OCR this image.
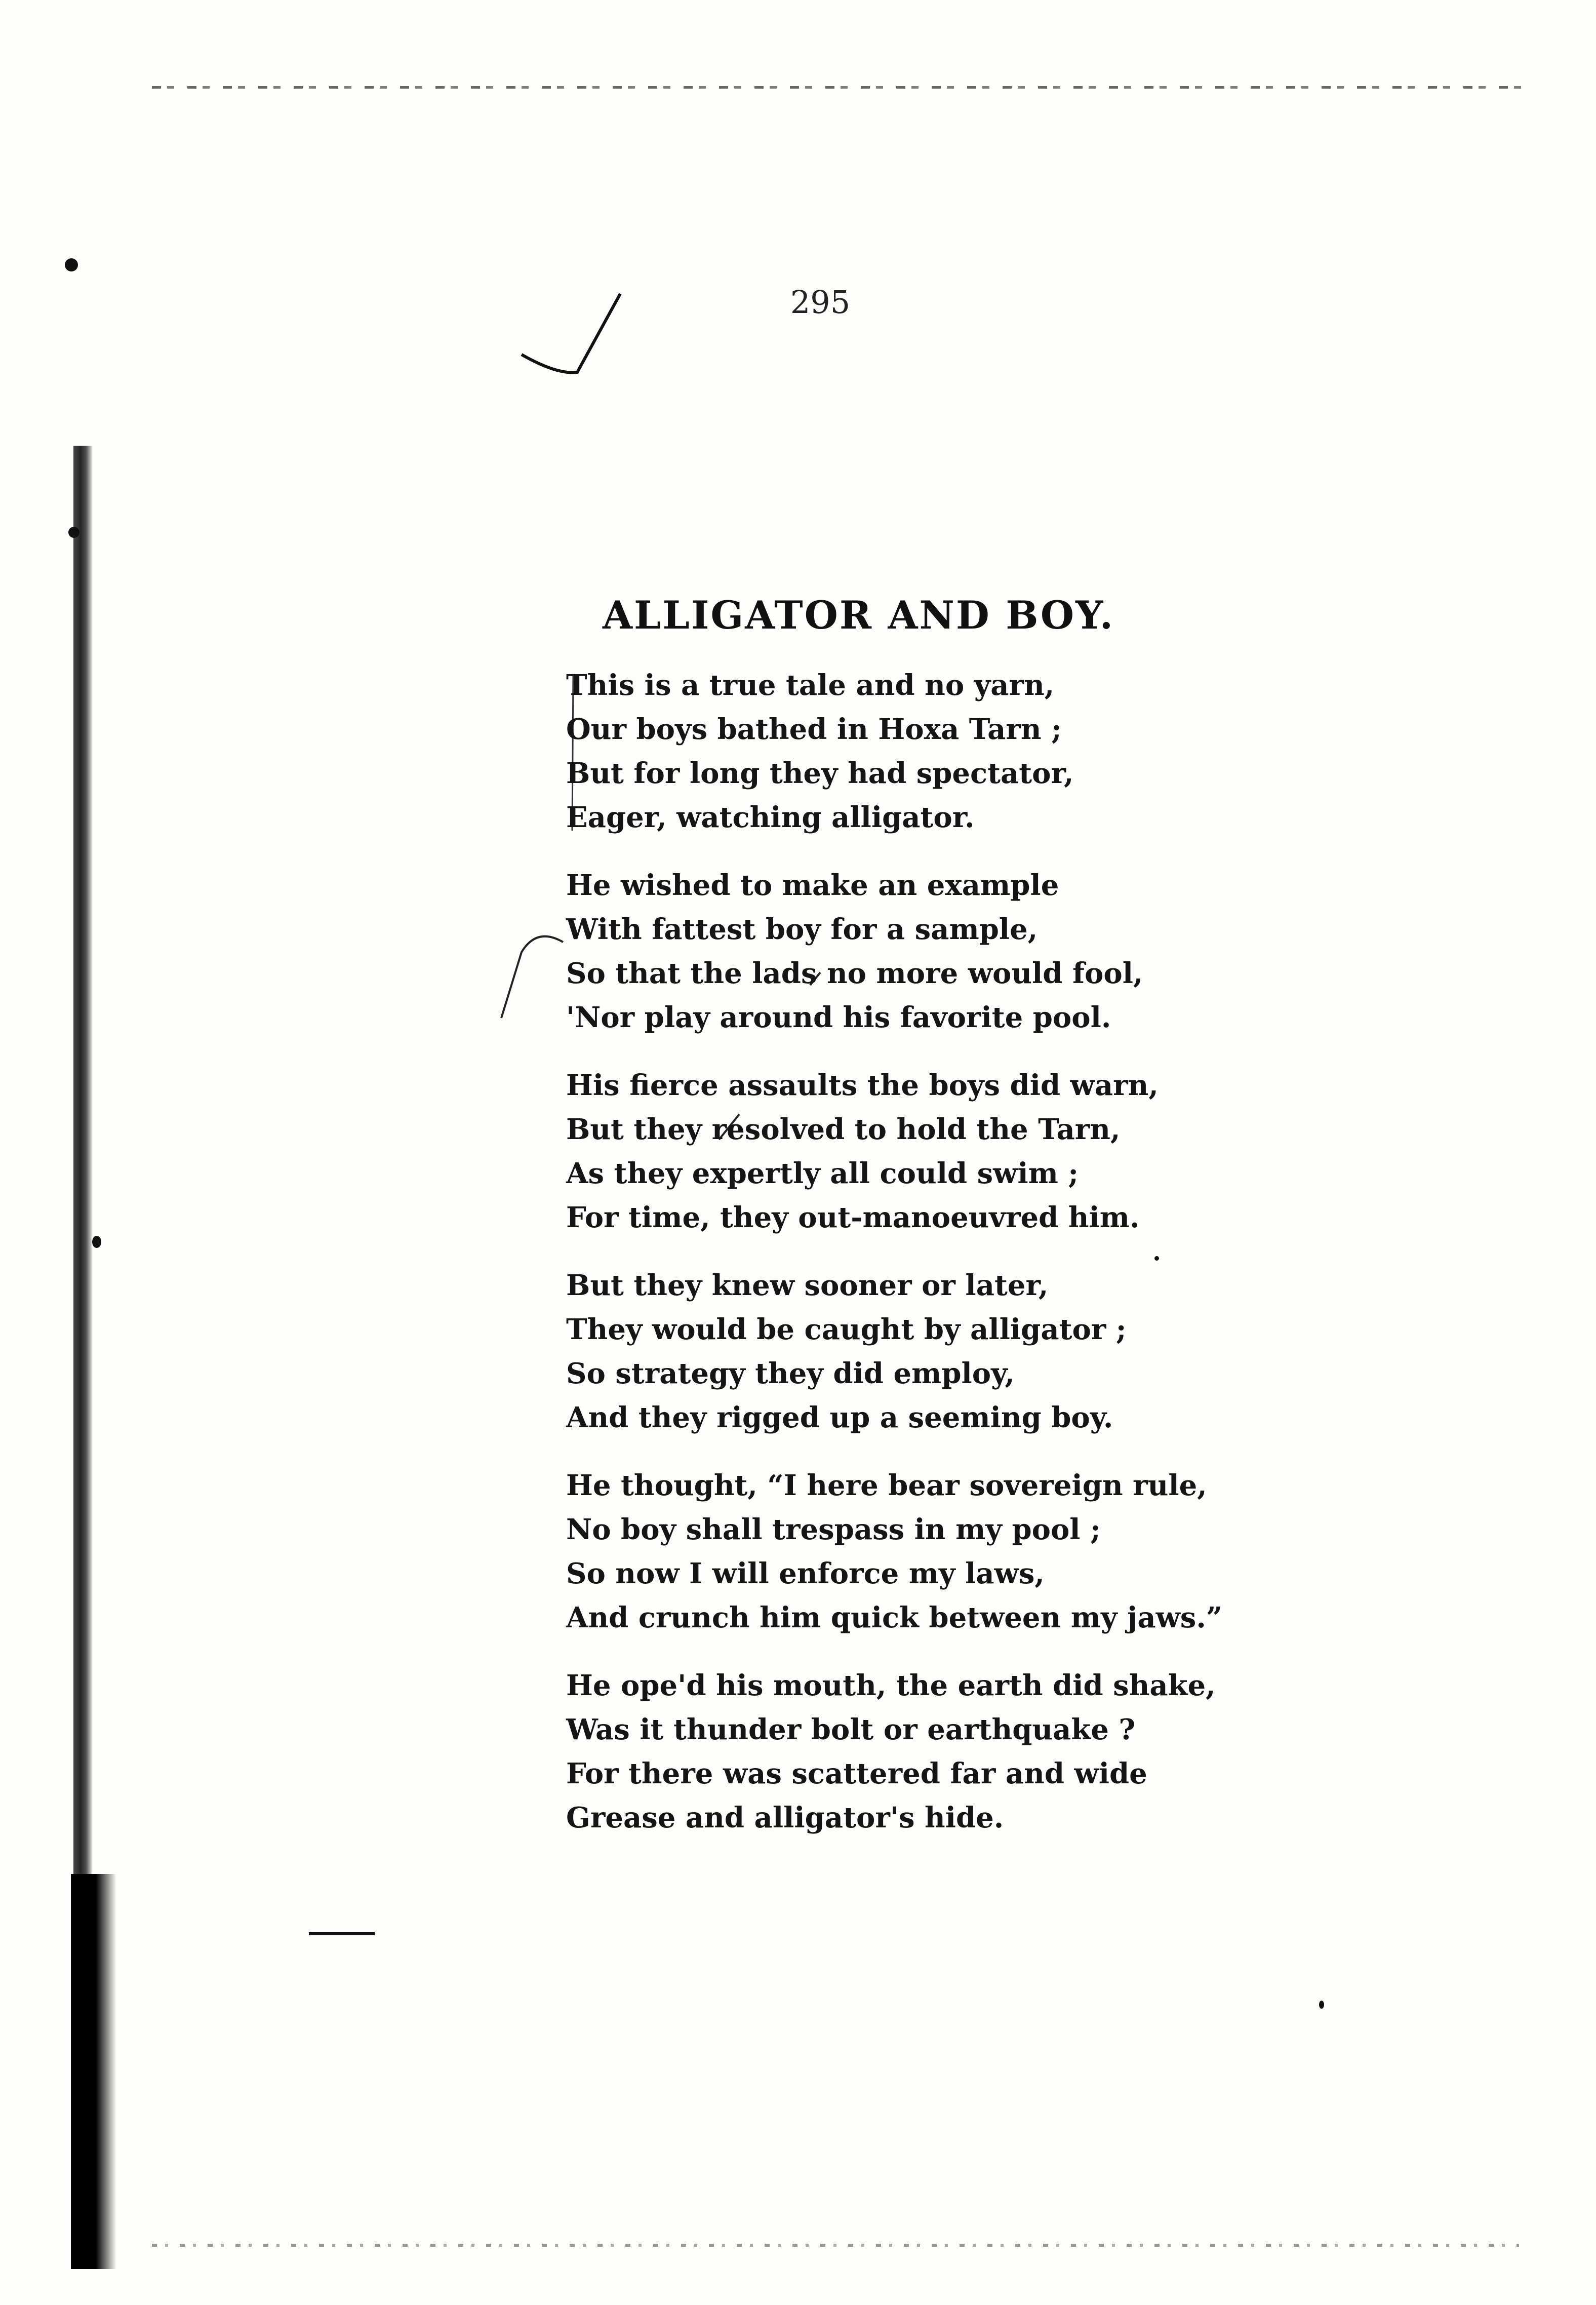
295
ALLIGATOR AND BOY.
This is a true tale and no yarn,
Our boys bathed in Hoxa Tarn ;
But for long they had spectator,
Eager, watching alligator.
He wished to make an example
With fattest boy for a sample,
So that the lads no more would fool,
'Nor play around his favorite pool.
His fierce assaults the boys did warn,
But they resolved to hold the Tarn,
As they expertly all could swim ;
For time, they out-manoeuvred him.
But they knew sooner or later,
They would be caught by alligator ;
So strategy they did employ,
And they rigged up a seeming boy.
He thought, “I here bear sovereign rule,
No boy shall trespass in my pool ;
So now I will enforce my laws,
And crunch him quick between my jaws.”
He ope'd his mouth, the earth did shake,
Was it thunder bolt or earthquake ?
For there was scattered far and wide
Grease and alligator's hide.
